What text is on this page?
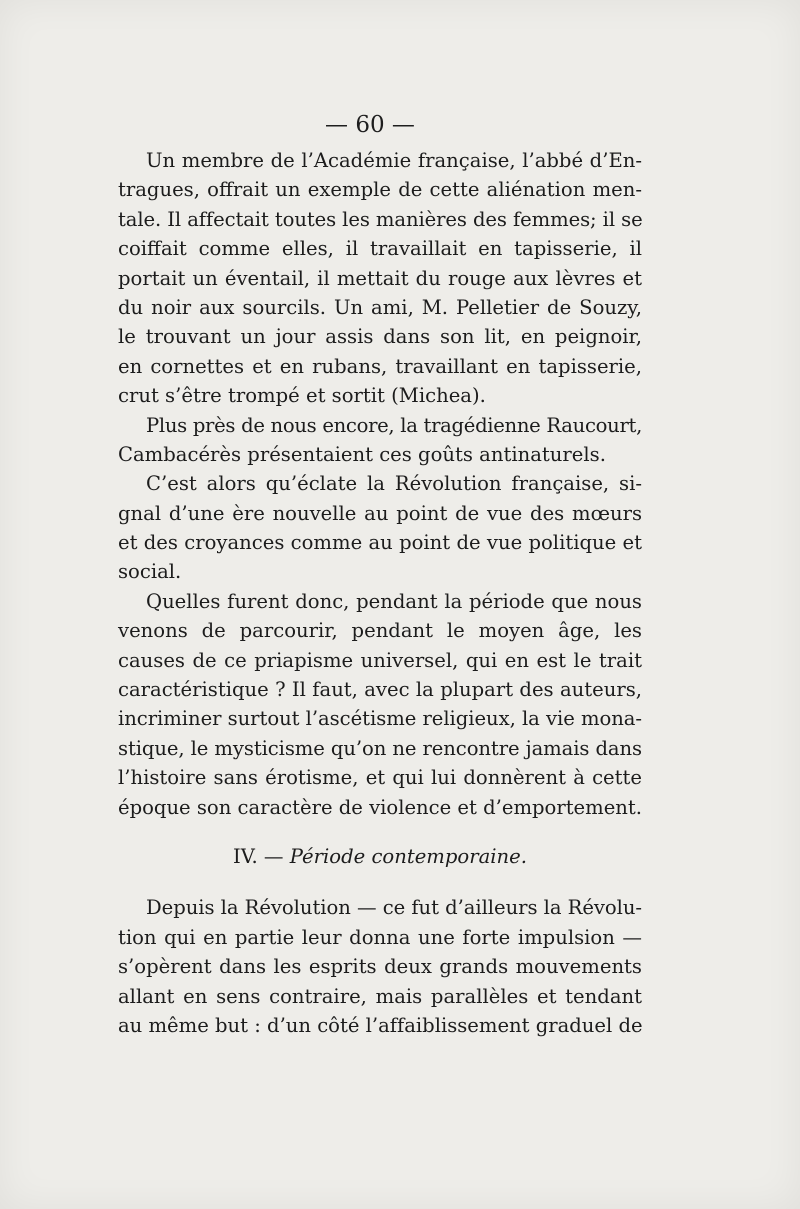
— 60 —
Un membre de l’Académie française, l’abbé d’En-
tragues, offrait un exemple de cette aliénation men-
tale. Il affectait toutes les manières des femmes; il se
coiffait comme elles, il travaillait en tapisserie, il
portait un éventail, il mettait du rouge aux lèvres et
du noir aux sourcils. Un ami, M. Pelletier de Souzy,
le trouvant un jour assis dans son lit, en peignoir,
en cornettes et en rubans, travaillant en tapisserie,
crut s’être trompé et sortit (Michea).
Plus près de nous encore, la tragédienne Raucourt,
Cambacérès présentaient ces goûts antinaturels.
C’est alors qu’éclate la Révolution française, si-
gnal d’une ère nouvelle au point de vue des mœurs
et des croyances comme au point de vue politique et
social.
Quelles furent donc, pendant la période que nous
venons de parcourir, pendant le moyen âge, les
causes de ce priapisme universel, qui en est le trait
caractéristique ? Il faut, avec la plupart des auteurs,
incriminer surtout l’ascétisme religieux, la vie mona-
stique, le mysticisme qu’on ne rencontre jamais dans
l’histoire sans érotisme, et qui lui donnèrent à cette
époque son caractère de violence et d’emportement.
IV. — Période contemporaine.
Depuis la Révolution — ce fut d’ailleurs la Révolu-
tion qui en partie leur donna une forte impulsion —
s’opèrent dans les esprits deux grands mouvements
allant en sens contraire, mais parallèles et tendant
au même but : d’un côté l’affaiblissement graduel de
